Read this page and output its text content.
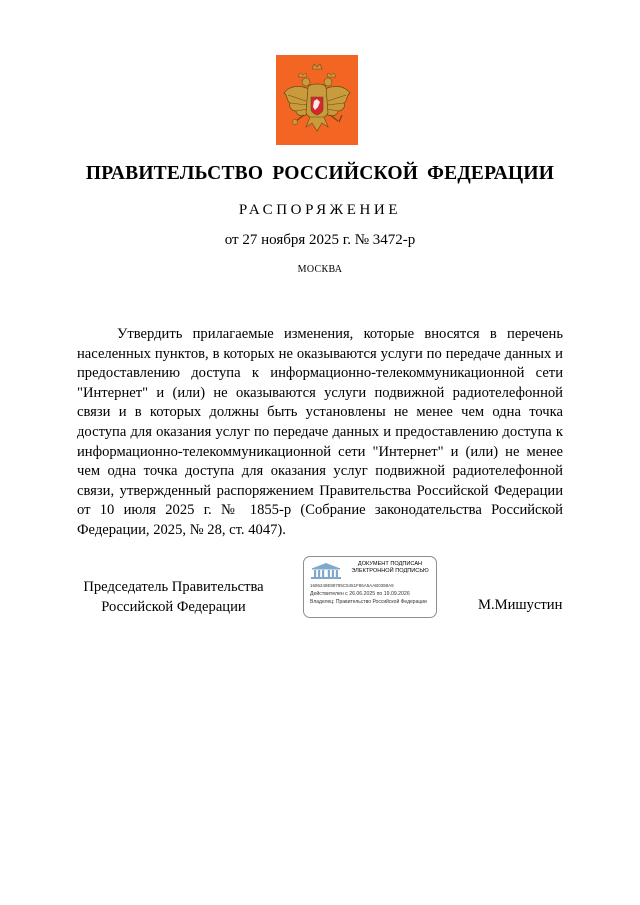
ПРАВИТЕЛЬСТВО РОССИЙСКОЙ ФЕДЕРАЦИИ
РАСПОРЯЖЕНИЕ
от 27 ноября 2025 г. № 3472-р
МОСКВА

Утвердить прилагаемые изменения, которые вносятся в перечень населенных пунктов, в которых не оказываются услуги по передаче данных и предоставлению доступа к информационно-телекоммуникационной сети "Интернет" и (или) не оказываются услуги подвижной радиотелефонной связи и в которых должны быть установлены не менее чем одна точка доступа для оказания услуг по передаче данных и предоставлению доступа к информационно-телекоммуникационной сети "Интернет" и (или) не менее чем одна точка доступа для оказания услуг подвижной радиотелефонной связи, утвержденный распоряжением Правительства Российской Федерации от 10 июля 2025 г. № 1855-р (Собрание законодательства Российской Федерации, 2025, № 28, ст. 4047).

Председатель Правительства
Российской Федерации
ДОКУМЕНТ ПОДПИСАН
ЭЛЕКТРОННОЙ ПОДПИСЬЮ
1696248E89795C5451F86A5AAB0398A9
Действителен с 26.06.2025 по 19.09.2026
Владелец: Правительство Российской Федерации	М.Мишустин
